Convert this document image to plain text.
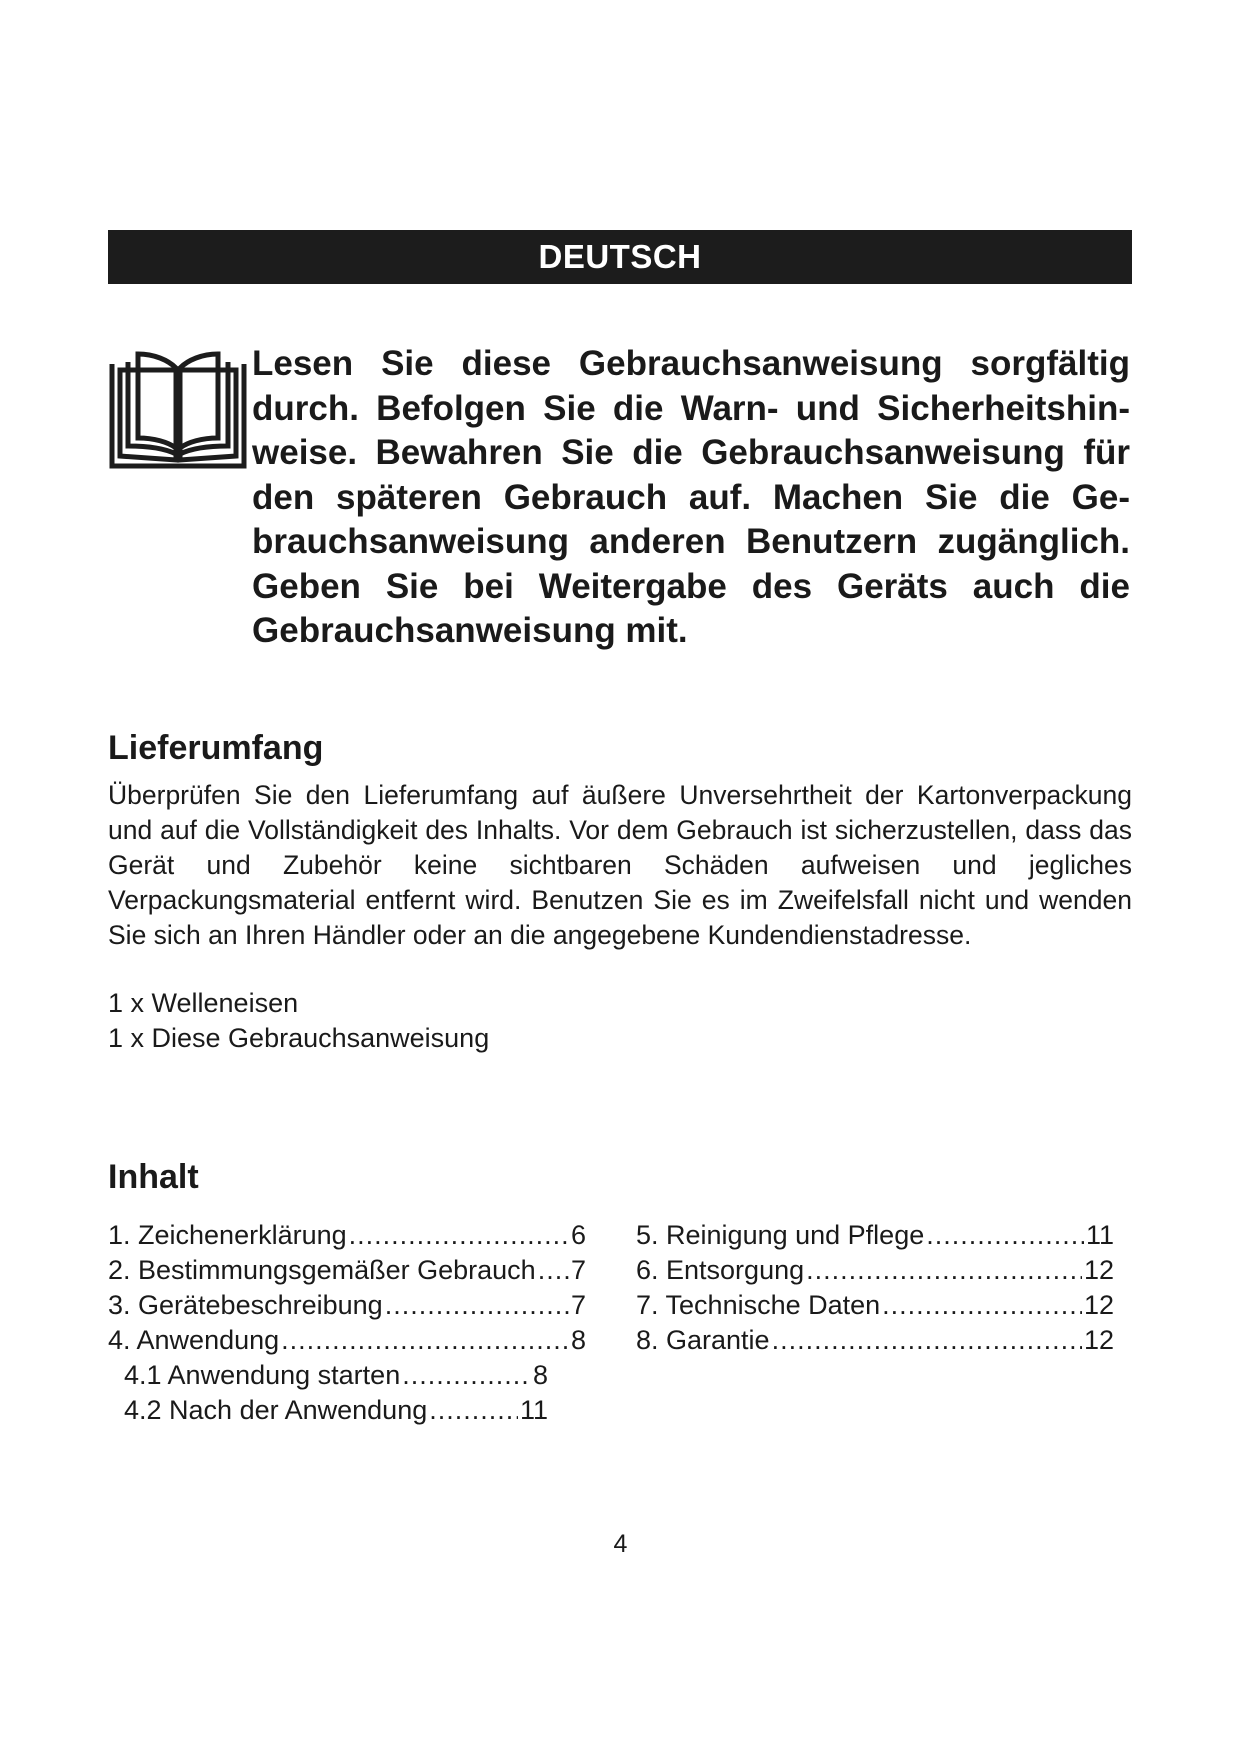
DEUTSCH

Lesen Sie diese Gebrauchsanweisung sorgfältig durch. Befolgen Sie die Warn- und Sicherheitshinweise. Bewahren Sie die Gebrauchsanweisung für den späteren Gebrauch auf. Machen Sie die Gebrauchsanweisung anderen Benutzern zugänglich. Geben Sie bei Weitergabe des Geräts auch die Gebrauchsanweisung mit.

Lieferumfang

Überprüfen Sie den Lieferumfang auf äußere Unversehrtheit der Kartonverpackung und auf die Vollständigkeit des Inhalts. Vor dem Gebrauch ist sicherzustellen, dass das Gerät und Zubehör keine sichtbaren Schäden aufweisen und jegliches Verpackungsmaterial entfernt wird. Benutzen Sie es im Zweifelsfall nicht und wenden Sie sich an Ihren Händler oder an die angegebene Kundendienstadresse.

1 x Welleneisen
1 x Diese Gebrauchsanweisung
Inhalt
1. Zeichenerklärung .....	6
2. Bestimmungsgemäßer Gebrauch ..... 7
3. Gerätebeschreibung .....	7
4. Anwendung .....	8
4.1 Anwendung starten .....	8
4.2 Nach der Anwendung .....	11
5. Reinigung und Pflege .....	11
6. Entsorgung .....	12
7. Technische Daten .....	12
8. Garantie .....	12

4
